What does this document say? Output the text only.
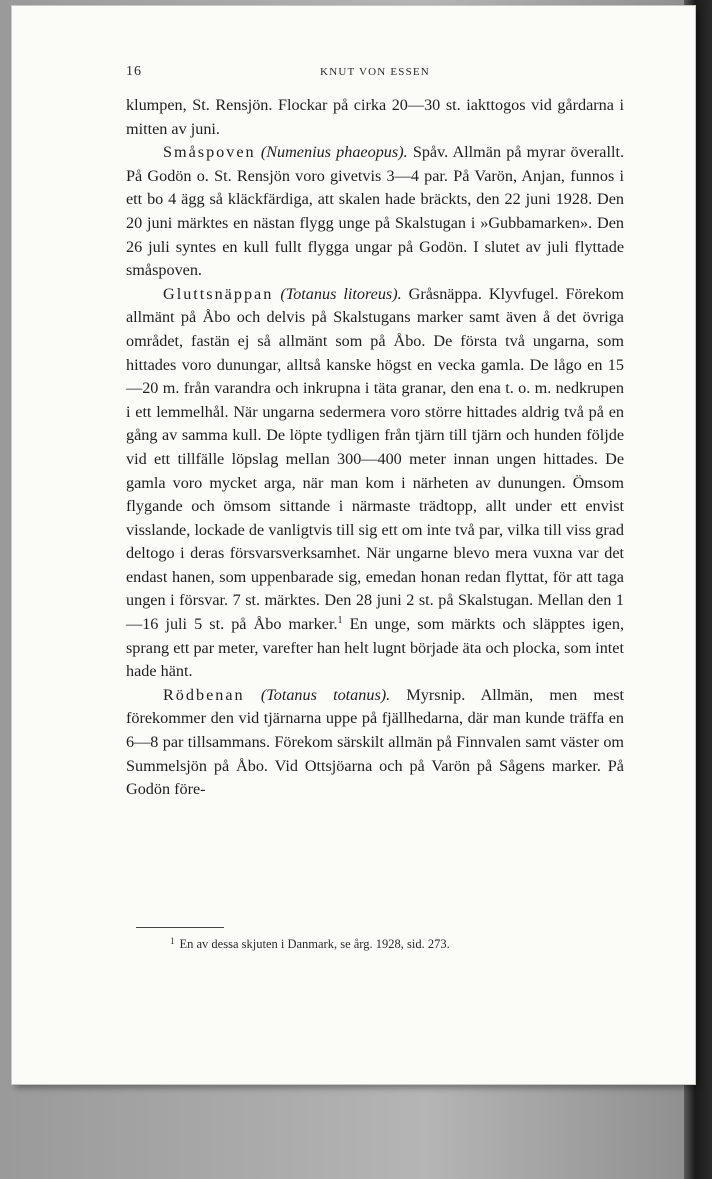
16	KNUT VON ESSEN

klumpen, St. Rensjön. Flockar på cirka 20—30 st. iakttogos vid gårdarna i mitten av juni.

Småspoven (Numenius phaeopus). Spåv. Allmän på myrar överallt. På Godön o. St. Rensjön voro givetvis 3—4 par. På Varön, Anjan, funnos i ett bo 4 ägg så kläckfärdiga, att skalen hade bräckts, den 22 juni 1928. Den 20 juni märktes en nästan flygg unge på Skalstugan i »Gubbamarken». Den 26 juli syntes en kull fullt flygga ungar på Godön. I slutet av juli flyttade småspoven.

Gluttsnäppan (Totanus litoreus). Gråsnäppa. Klyvfugel. Förekom allmänt på Åbo och delvis på Skalstugans marker samt även å det övriga området, fastän ej så allmänt som på Åbo. De första två ungarna, som hittades voro dunungar, alltså kanske högst en vecka gamla. De lågo en 15—20 m. från varandra och inkrupna i täta granar, den ena t. o. m. nedkrupen i ett lemmelhål. När ungarna sedermera voro större hittades aldrig två på en gång av samma kull. De löpte tydligen från tjärn till tjärn och hunden följde vid ett tillfälle löpslag mellan 300—400 meter innan ungen hittades. De gamla voro mycket arga, när man kom i närheten av dunungen. Ömsom flygande och ömsom sittande i närmaste trädtopp, allt under ett envist visslande, lockade de vanligtvis till sig ett om inte två par, vilka till viss grad deltogo i deras försvarsverksamhet. När ungarne blevo mera vuxna var det endast hanen, som uppenbarade sig, emedan honan redan flyttat, för att taga ungen i försvar. 7 st. märktes. Den 28 juni 2 st. på Skalstugan. Mellan den 1—16 juli 5 st. på Åbo marker.$^1$ En unge, som märkts och släpptes igen, sprang ett par meter, varefter han helt lugnt började äta och plocka, som intet hade hänt.

Rödbenan (Totanus totanus). Myrsnip. Allmän, men mest förekommer den vid tjärnarna uppe på fjällhedarna, där man kunde träffa en 6—8 par tillsammans. Förekom särskilt allmän på Finnvalen samt väster om Summelsjön på Åbo. Vid Ottsjöarna och på Varön på Sågens marker. På Godön före-

$^1$ En av dessa skjuten i Danmark, se årg. 1928, sid. 273.
